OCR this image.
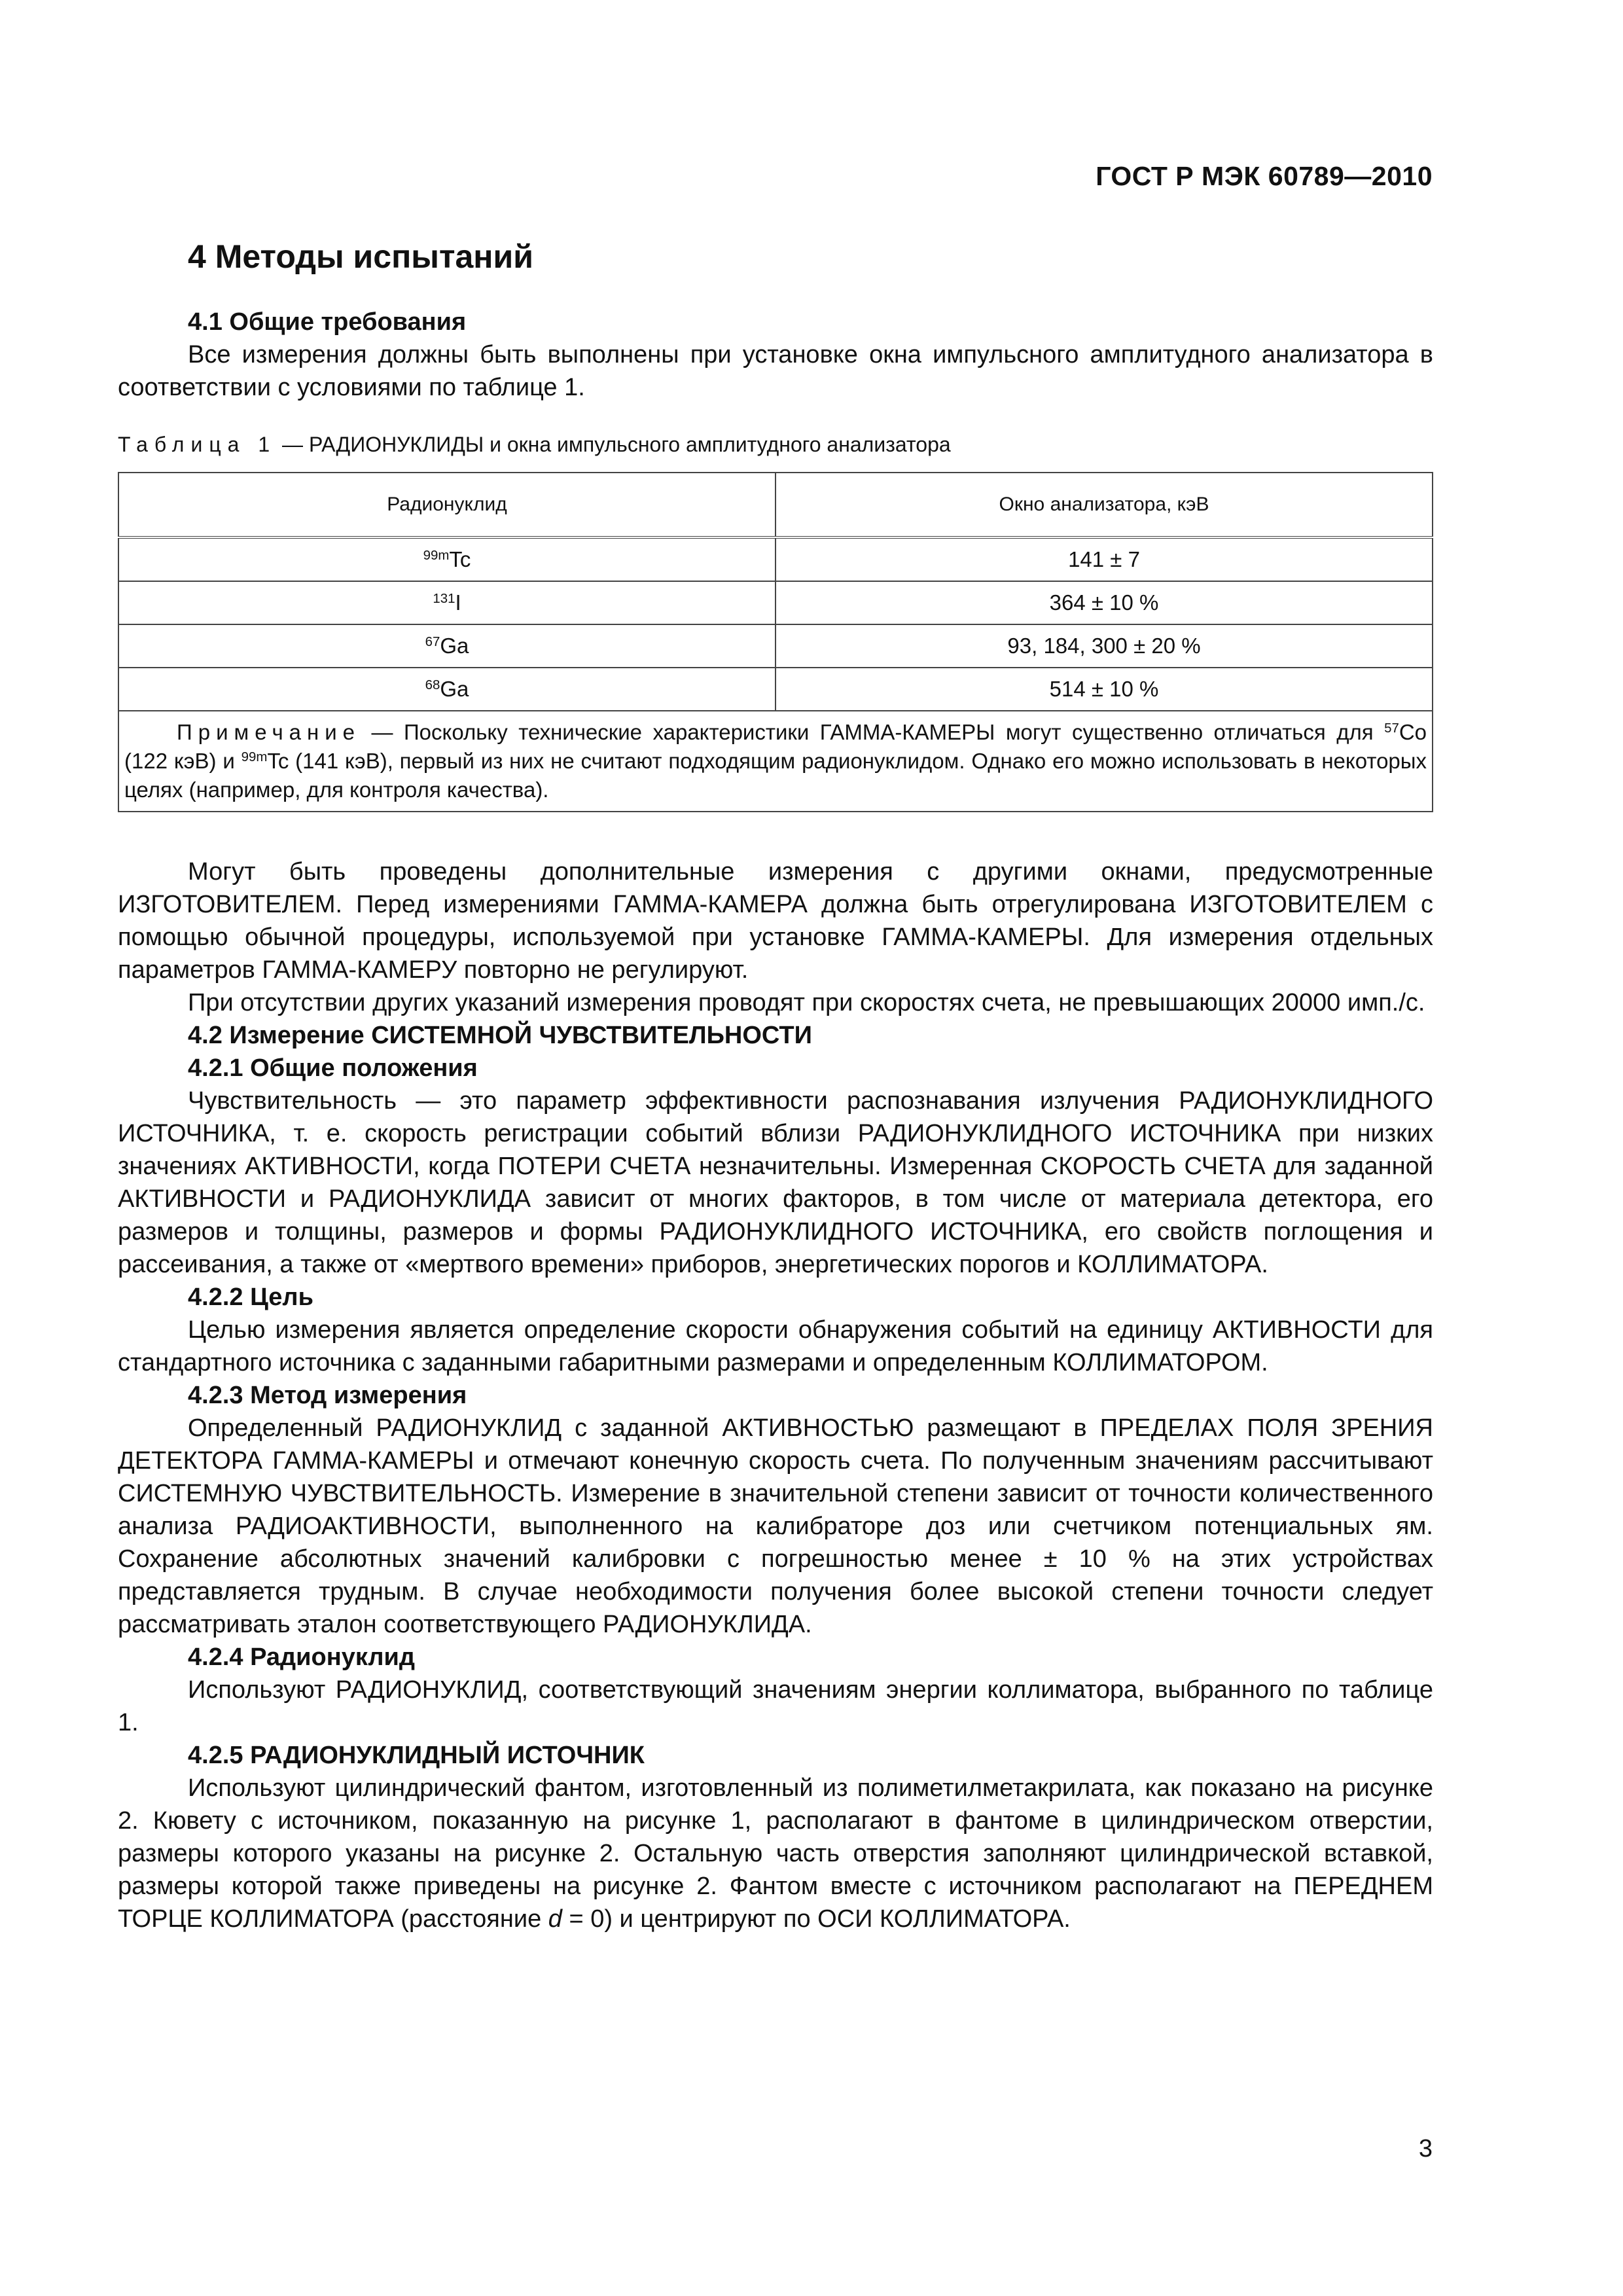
ГОСТ Р МЭК 60789—2010
4 Методы испытаний
4.1 Общие требования

Все измерения должны быть выполнены при установке окна импульсного амплитудного анализатора в соответствии с условиями по таблице 1.

Таблица 1 — РАДИОНУКЛИДЫ и окна импульсного амплитудного анализатора
Радионуклид	Окно анализатора, кэВ
$^{99m}$Tc	141 ± 7
$^{131}$I	364 ± 10 %
$^{67}$Ga	93, 184, 300 ± 20 %
$^{68}$Ga	514 ± 10 %

Примечание — Поскольку технические характеристики ГАММА-КАМЕРЫ могут существенно отличаться для $^{57}$Co (122 кэВ) и $^{99m}$Tc (141 кэВ), первый из них не считают подходящим радионуклидом. Однако его можно использовать в некоторых целях (например, для контроля качества).	

Могут быть проведены дополнительные измерения с другими окнами, предусмотренные ИЗГОТОВИТЕЛЕМ. Перед измерениями ГАММА-КАМЕРА должна быть отрегулирована ИЗГОТОВИТЕЛЕМ с помощью обычной процедуры, используемой при установке ГАММА-КАМЕРЫ. Для измерения отдельных параметров ГАММА-КАМЕРУ повторно не регулируют.

При отсутствии других указаний измерения проводят при скоростях счета, не превышающих 20000 имп./с.

4.2 Измерение СИСТЕМНОЙ ЧУВСТВИТЕЛЬНОСТИ
4.2.1 Общие положения

Чувствительность — это параметр эффективности распознавания излучения РАДИОНУКЛИДНОГО ИСТОЧНИКА, т. е. скорость регистрации событий вблизи РАДИОНУКЛИДНОГО ИСТОЧНИКА при низких значениях АКТИВНОСТИ, когда ПОТЕРИ СЧЕТА незначительны. Измеренная СКОРОСТЬ СЧЕТА для заданной АКТИВНОСТИ и РАДИОНУКЛИДА зависит от многих факторов, в том числе от материала детектора, его размеров и толщины, размеров и формы РАДИОНУКЛИДНОГО ИСТОЧНИКА, его свойств поглощения и рассеивания, а также от «мертвого времени» приборов, энергетических порогов и КОЛЛИМАТОРА.

4.2.2 Цель

Целью измерения является определение скорости обнаружения событий на единицу АКТИВНОСТИ для стандартного источника с заданными габаритными размерами и определенным КОЛЛИМАТОРОМ.

4.2.3 Метод измерения

Определенный РАДИОНУКЛИД с заданной АКТИВНОСТЬЮ размещают в ПРЕДЕЛАХ ПОЛЯ ЗРЕНИЯ ДЕТЕКТОРА ГАММА-КАМЕРЫ и отмечают конечную скорость счета. По полученным значениям рассчитывают СИСТЕМНУЮ ЧУВСТВИТЕЛЬНОСТЬ. Измерение в значительной степени зависит от точности количественного анализа РАДИОАКТИВНОСТИ, выполненного на калибраторе доз или счетчиком потенциальных ям. Сохранение абсолютных значений калибровки с погрешностью менее ± 10 % на этих устройствах представляется трудным. В случае необходимости получения более высокой степени точности следует рассматривать эталон соответствующего РАДИОНУКЛИДА.

4.2.4 Радионуклид

Используют РАДИОНУКЛИД, соответствующий значениям энергии коллиматора, выбранного по таблице 1.

4.2.5 РАДИОНУКЛИДНЫЙ ИСТОЧНИК

Используют цилиндрический фантом, изготовленный из полиметилметакрилата, как показано на рисунке 2. Кювету с источником, показанную на рисунке 1, располагают в фантоме в цилиндрическом отверстии, размеры которого указаны на рисунке 2. Остальную часть отверстия заполняют цилиндрической вставкой, размеры которой также приведены на рисунке 2. Фантом вместе с источником располагают на ПЕРЕДНЕМ ТОРЦЕ КОЛЛИМАТОРА (расстояние d = 0) и центрируют по ОСИ КОЛЛИМАТОРА.

3
